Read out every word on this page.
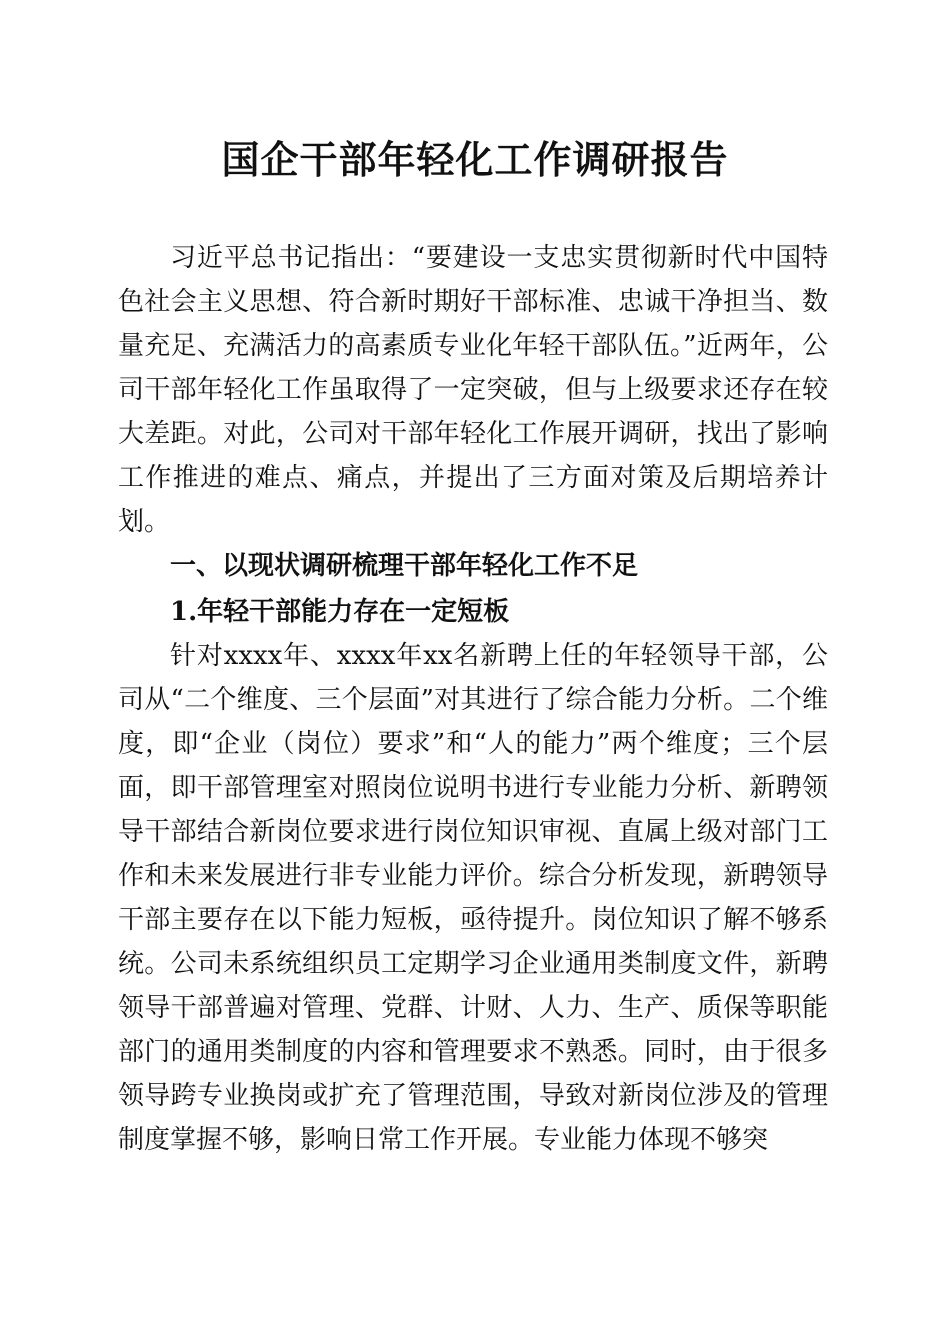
国企干部年轻化工作调研报告

习近平总书记指出：“要建设一支忠实贯彻新时代中国特色社会主义思想、符合新时期好干部标准、忠诚干净担当、数量充足、充满活力的高素质专业化年轻干部队伍。”近两年，公司干部年轻化工作虽取得了一定突破，但与上级要求还存在较大差距。对此，公司对干部年轻化工作展开调研，找出了影响工作推进的难点、痛点，并提出了三方面对策及后期培养计划。

一、以现状调研梳理干部年轻化工作不足
1.年轻干部能力存在一定短板

针对xxxx年、xxxx年xx名新聘上任的年轻领导干部，公司从“二个维度、三个层面”对其进行了综合能力分析。二个维度，即“企业（岗位）要求”和“人的能力”两个维度；三个层面，即干部管理室对照岗位说明书进行专业能力分析、新聘领导干部结合新岗位要求进行岗位知识审视、直属上级对部门工作和未来发展进行非专业能力评价。综合分析发现，新聘领导干部主要存在以下能力短板，亟待提升。岗位知识了解不够系统。公司未系统组织员工定期学习企业通用类制度文件，新聘领导干部普遍对管理、党群、计财、人力、生产、质保等职能部门的通用类制度的内容和管理要求不熟悉。同时，由于很多领导跨专业换岗或扩充了管理范围，导致对新岗位涉及的管理制度掌握不够，影响日常工作开展。专业能力体现不够突
